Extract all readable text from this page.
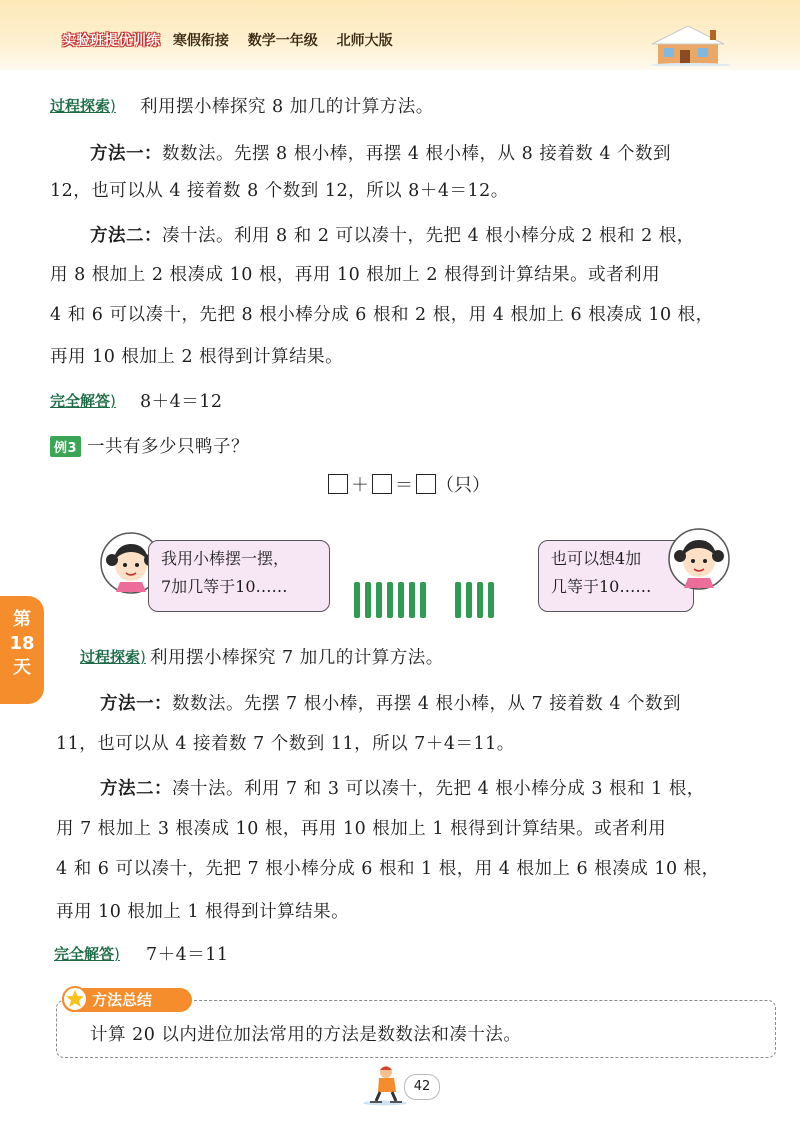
实验班提优训练 寒假衔接 数学一年级 北师大版
第
18
天
过程探索) 利用摆小棒探究 8 加几的计算方法。
方法一：数数法。先摆 8 根小棒，再摆 4 根小棒，从 8 接着数 4 个数到
12，也可以从 4 接着数 8 个数到 12，所以 8＋4＝12。
方法二：凑十法。利用 8 和 2 可以凑十，先把 4 根小棒分成 2 根和 2 根，
用 8 根加上 2 根凑成 10 根，再用 10 根加上 2 根得到计算结果。或者利用
4 和 6 可以凑十，先把 8 根小棒分成 6 根和 2 根，用 4 根加上 6 根凑成 10 根，
再用 10 根加上 2 根得到计算结果。
完全解答) 8＋4＝12
例3 一共有多少只鸭子？
＋ ＝ （只）
我用小棒摆一摆，
7加几等于10……
也可以想4加
几等于10……
过程探索) 利用摆小棒探究 7 加几的计算方法。
方法一：数数法。先摆 7 根小棒，再摆 4 根小棒，从 7 接着数 4 个数到
11，也可以从 4 接着数 7 个数到 11，所以 7＋4＝11。
方法二：凑十法。利用 7 和 3 可以凑十，先把 4 根小棒分成 3 根和 1 根，
用 7 根加上 3 根凑成 10 根，再用 10 根加上 1 根得到计算结果。或者利用
4 和 6 可以凑十，先把 7 根小棒分成 6 根和 1 根，用 4 根加上 6 根凑成 10 根，
再用 10 根加上 1 根得到计算结果。
完全解答) 7＋4＝11
方法总结
计算 20 以内进位加法常用的方法是数数法和凑十法。
42
